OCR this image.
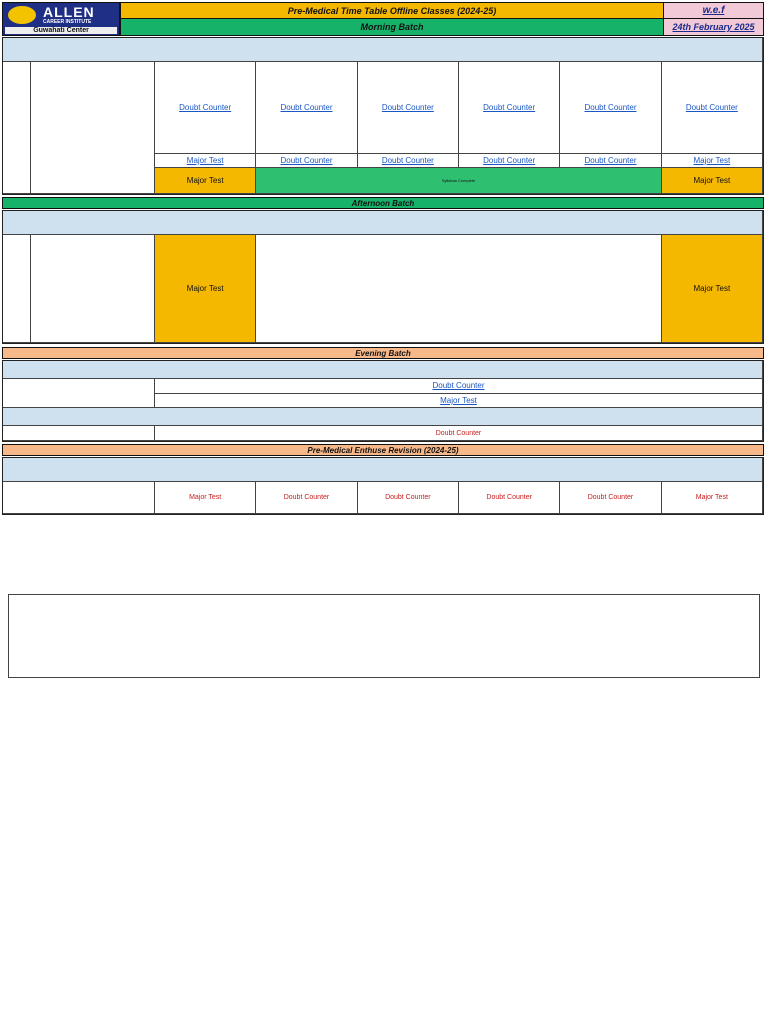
ALLEN
CAREER INSTITUTE
Guwahati Center
Pre-Medical Time Table Offline Classes (2024-25)
Morning Batch
w.e.f
24th February 2025
Doubt Counter	Doubt Counter	Doubt Counter	Doubt Counter	Doubt Counter	Doubt Counter
Major Test	Doubt Counter	Doubt Counter	Doubt Counter	Doubt Counter	Major Test
Major Test	Syllabus Complete	Major Test
Afternoon Batch
Major Test	Major Test
Evening Batch
Doubt Counter
Major Test
Doubt Counter
Pre-Medical Enthuse Revision (2024-25)
Major Test	Doubt Counter	Doubt Counter	Doubt Counter	Doubt Counter	Major Test
